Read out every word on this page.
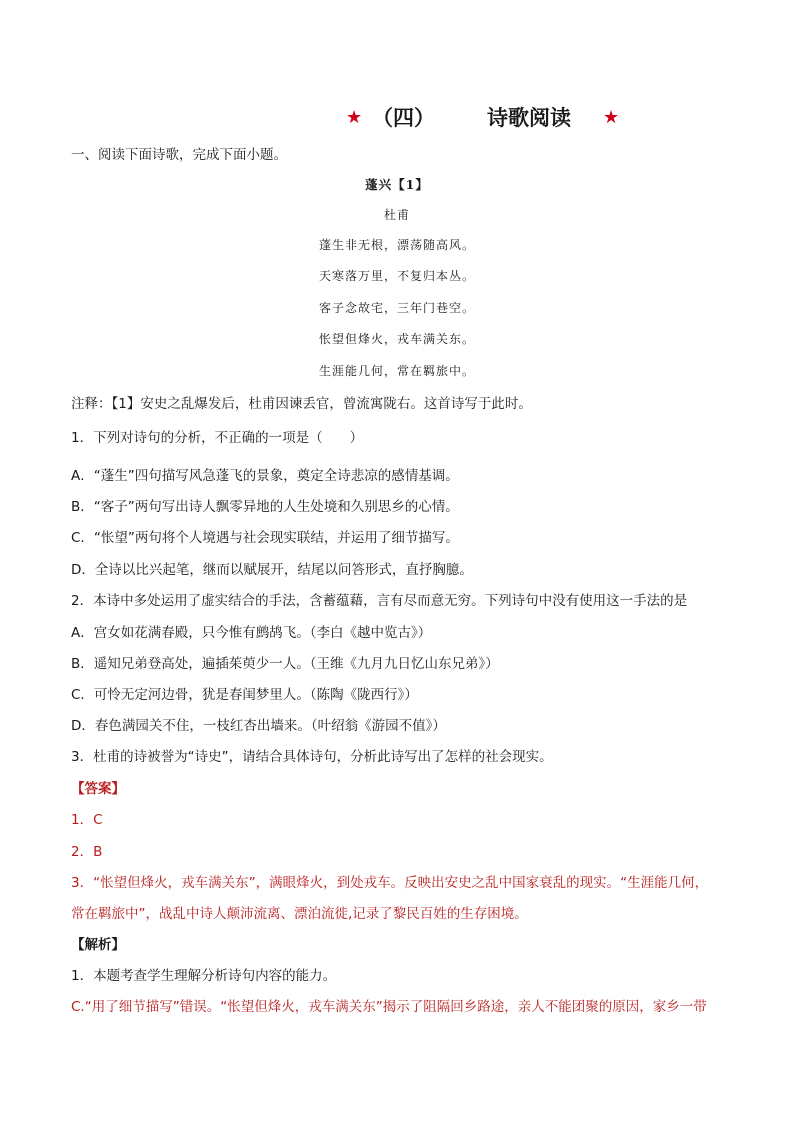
★ （四） 诗歌阅读 ★
一、阅读下面诗歌，完成下面小题。
蓬兴【1】
杜甫
蓬生非无根，漂荡随高风。
天寒落万里，不复归本丛。
客子念故宅，三年门巷空。
怅望但烽火，戎车满关东。
生涯能几何，常在羁旅中。
注释：【1】安史之乱爆发后，杜甫因谏丢官，曾流寓陇右。这首诗写于此时。
1．下列对诗句的分析，不正确的一项是（　　）
A．“蓬生”四句描写风急蓬飞的景象，奠定全诗悲凉的感情基调。
B．“客子”两句写出诗人飘零异地的人生处境和久别思乡的心情。
C．“怅望”两句将个人境遇与社会现实联结，并运用了细节描写。
D．全诗以比兴起笔，继而以赋展开，结尾以问答形式，直抒胸臆。
2．本诗中多处运用了虚实结合的手法，含蓄蕴藉，言有尽而意无穷。下列诗句中没有使用这一手法的是
A．宫女如花满春殿，只今惟有鹧鸪飞。（李白《越中览古》）
B．遥知兄弟登高处，遍插茱萸少一人。（王维《九月九日忆山东兄弟》）
C．可怜无定河边骨，犹是春闺梦里人。（陈陶《陇西行》）
D．春色满园关不住，一枝红杏出墙来。（叶绍翁《游园不值》）
3．杜甫的诗被誉为“诗史”，请结合具体诗句，分析此诗写出了怎样的社会现实。
【答案】
1．C
2．B
3．“怅望但烽火，戎车满关东”，满眼烽火，到处戎车。反映出安史之乱中国家衰乱的现实。“生涯能几何，
常在羁旅中”，战乱中诗人颠沛流离、漂泊流徙,记录了黎民百姓的生存困境。
【解析】
1．本题考查学生理解分析诗句内容的能力。
C.“用了细节描写”错误。“怅望但烽火，戎车满关东”揭示了阻隔回乡路途，亲人不能团聚的原因，家乡一带
